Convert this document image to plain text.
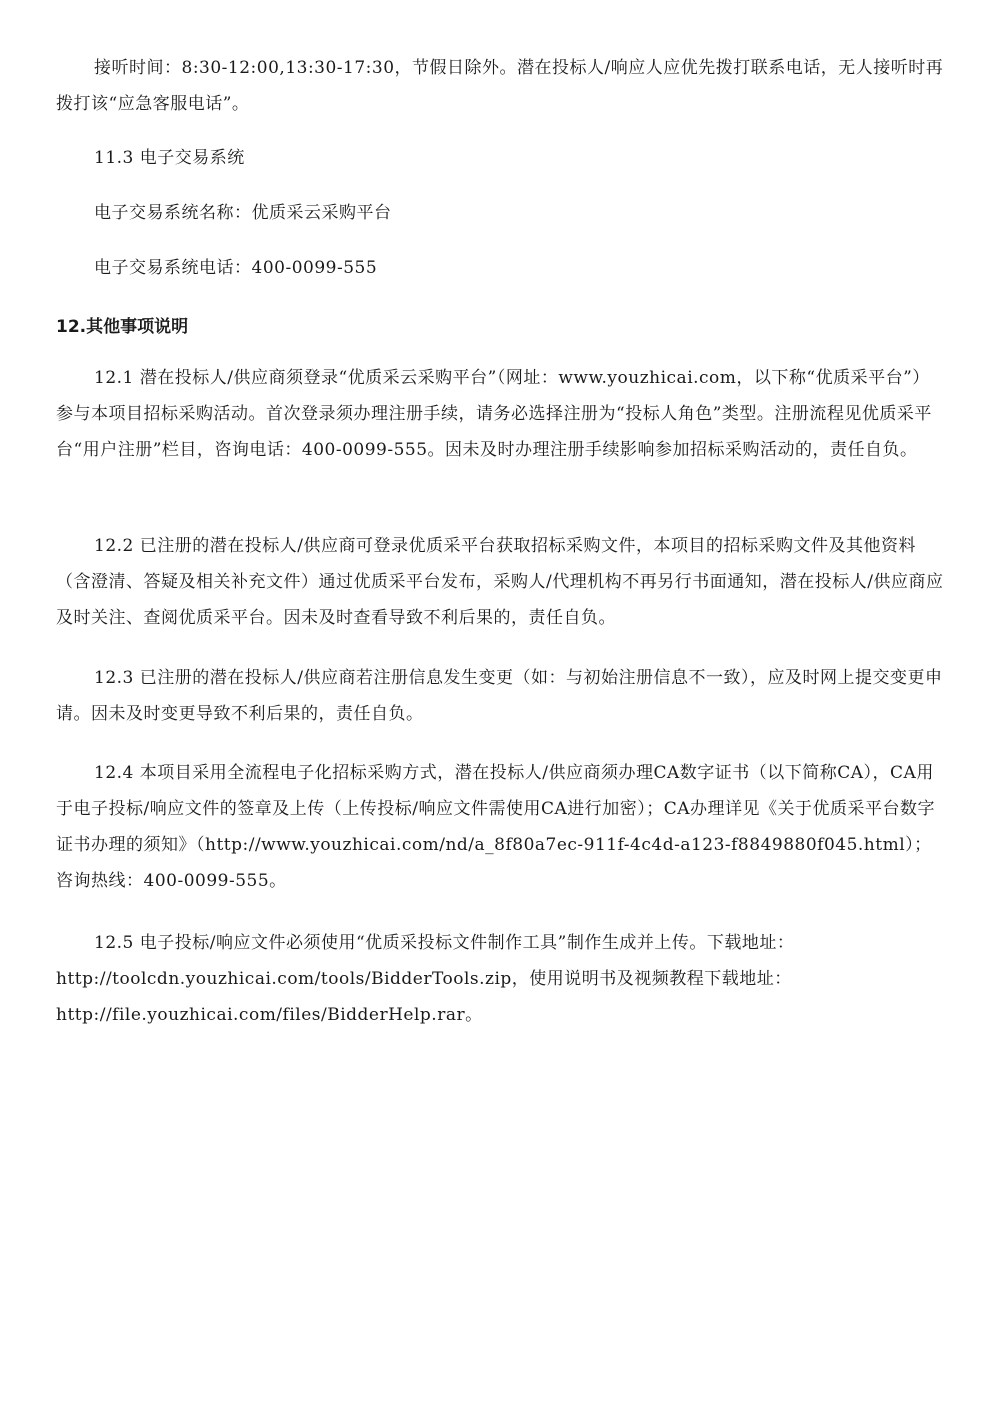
接听时间：8:30-12:00,13:30-17:30，节假日除外。潜在投标人/响应人应优先拨打联系电话，无人接听时再拨打该“应急客服电话”。
11.3 电子交易系统
电子交易系统名称：优质采云采购平台
电子交易系统电话：400-0099-555
12.其他事项说明
12.1 潜在投标人/供应商须登录“优质采云采购平台”（网址：www.youzhicai.com，以下称“优质采平台”）参与本项目招标采购活动。首次登录须办理注册手续，请务必选择注册为“投标人角色”类型。注册流程见优质采平台“用户注册”栏目，咨询电话：400-0099-555。因未及时办理注册手续影响参加招标采购活动的，责任自负。
12.2 已注册的潜在投标人/供应商可登录优质采平台获取招标采购文件，本项目的招标采购文件及其他资料（含澄清、答疑及相关补充文件）通过优质采平台发布，采购人/代理机构不再另行书面通知，潜在投标人/供应商应及时关注、查阅优质采平台。因未及时查看导致不利后果的，责任自负。
12.3 已注册的潜在投标人/供应商若注册信息发生变更（如：与初始注册信息不一致），应及时网上提交变更申请。因未及时变更导致不利后果的，责任自负。
12.4 本项目采用全流程电子化招标采购方式，潜在投标人/供应商须办理CA数字证书（以下简称CA），CA用于电子投标/响应文件的签章及上传（上传投标/响应文件需使用CA进行加密）；CA办理详见《关于优质采平台数字证书办理的须知》（http://www.youzhicai.com/nd/a_8f80a7ec-911f-4c4d-a123-f8849880f045.html）；咨询热线：400-0099-555。
12.5 电子投标/响应文件必须使用“优质采投标文件制作工具”制作生成并上传。下载地址：http://toolcdn.youzhicai.com/tools/BidderTools.zip，使用说明书及视频教程下载地址：http://file.youzhicai.com/files/BidderHelp.rar。
